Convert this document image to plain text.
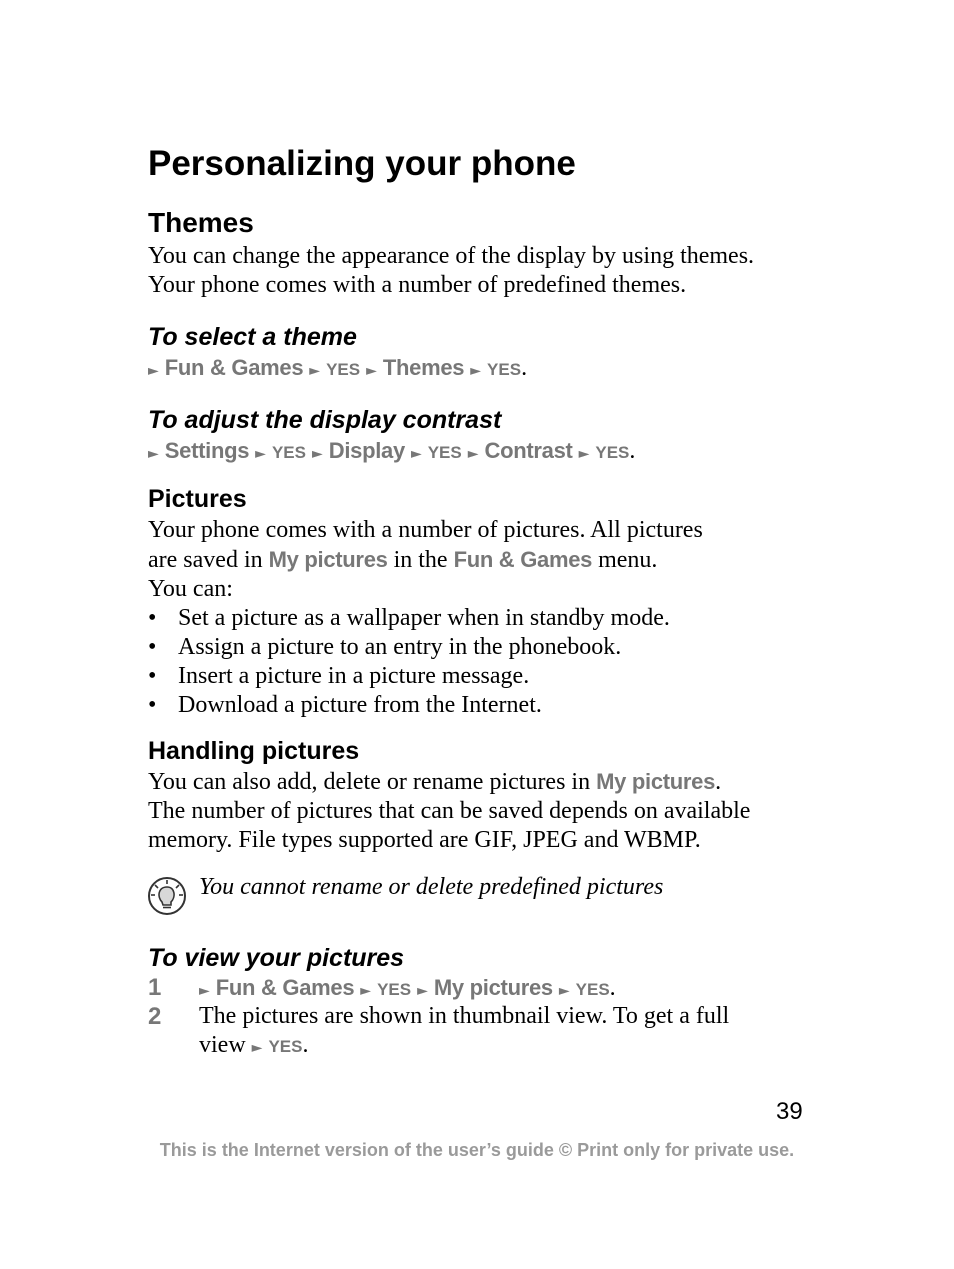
Personalizing your phone
Themes
You can change the appearance of the display by using themes.
Your phone comes with a number of predefined themes.
To select a theme
► Fun & Games ► YES ► Themes ► YES.
To adjust the display contrast
► Settings ► YES ► Display ► YES ► Contrast ► YES.
Pictures
Your phone comes with a number of pictures. All pictures
are saved in My pictures in the Fun & Games menu.
You can:
• Set a picture as a wallpaper when in standby mode.
• Assign a picture to an entry in the phonebook.
• Insert a picture in a picture message.
• Download a picture from the Internet.
Handling pictures
You can also add, delete or rename pictures in My pictures.
The number of pictures that can be saved depends on available
memory. File types supported are GIF, JPEG and WBMP.
You cannot rename or delete predefined pictures
To view your pictures
1	► Fun & Games ► YES ► My pictures ► YES.
2 The pictures are shown in thumbnail view. To get a full
view ► YES.
39
This is the Internet version of the user’s guide © Print only for private use.
